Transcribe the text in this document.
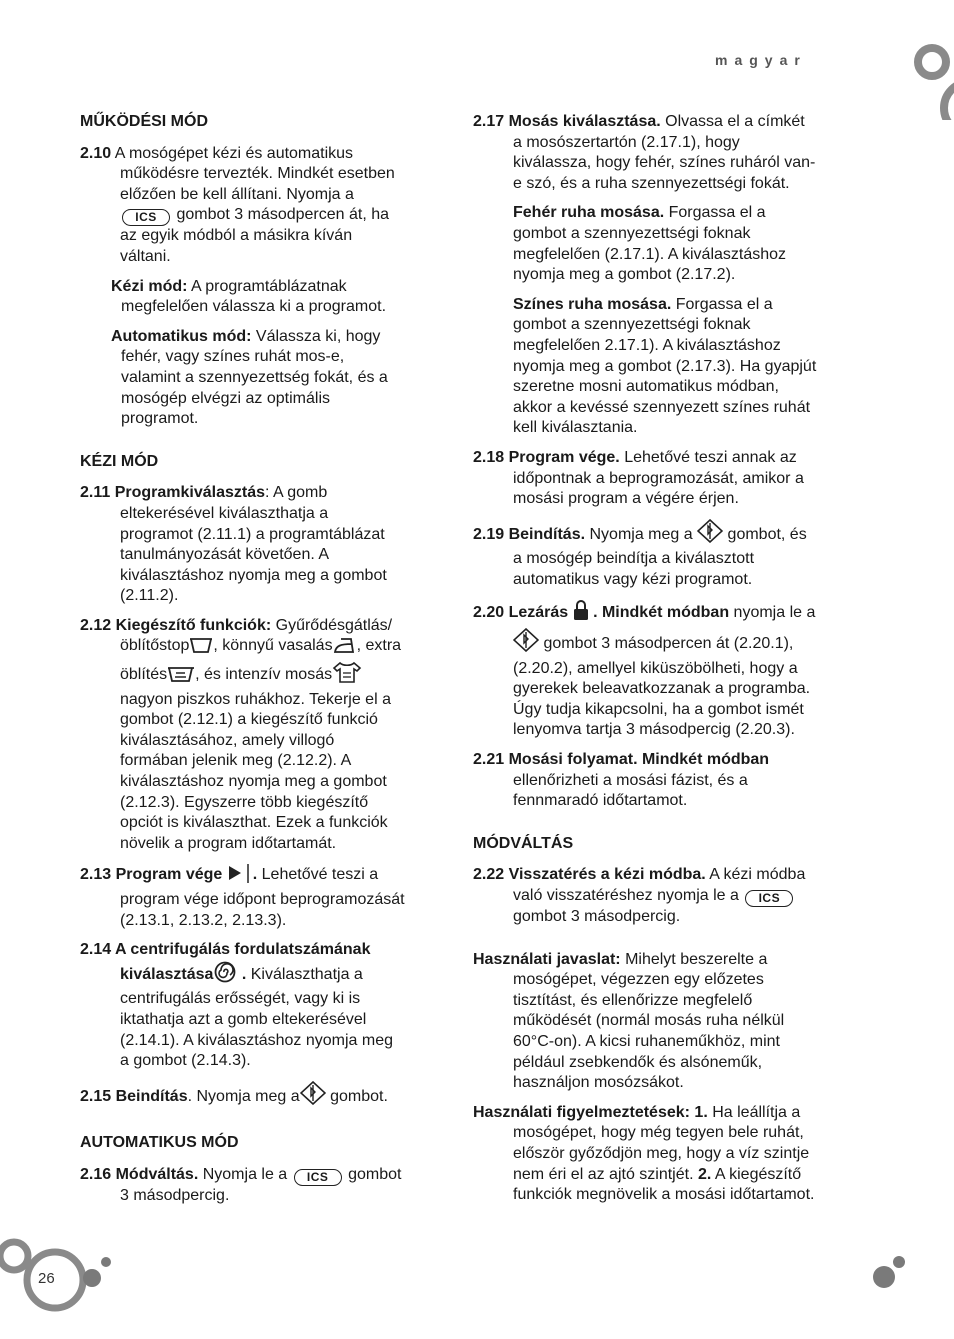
magyar
26
MŰKÖDÉSI MÓD
2.10 A mosógépet kézi és automatikus működésre tervezték. Mindkét esetben előzően be kell állítani. Nyomja a ICS gombot 3 másodpercen át, ha az egyik módból a másikra kíván váltani.
Kézi mód: A programtáblázatnak megfelelően válassza ki a programot.
Automatikus mód: Válassza ki, hogy fehér, vagy színes ruhát mos-e, valamint a szennyezettség fokát, és a mosógép elvégzi az optimális programot.
KÉZI MÓD
2.11 Programkiválasztás: A gomb eltekerésével kiválaszthatja a programot (2.11.1) a programtáblázat tanulmányozását követően. A kiválasztáshoz nyomja meg a gombot (2.11.2).
2.12 Kiegészítő funkciók: Gyűrődésgátlás/ öblítőstop , könnyű vasalás , extra öblítés , és intenzív mosás nagyon piszkos ruhákhoz. Tekerje el a gombot (2.12.1) a kiegészítő funkció kiválasztásához, amely villogó formában jelenik meg (2.12.2). A kiválasztáshoz nyomja meg a gombot (2.12.3). Egyszerre több kiegészítő opciót is kiválaszthat. Ezek a funkciók növelik a program időtartamát.
2.13 Program vége . Lehetővé teszi a program vége időpont beprogramozását (2.13.1, 2.13.2, 2.13.3).
2.14 A centrifugálás fordulatszámának kiválasztása . Kiválaszthatja a centrifugálás erősségét, vagy ki is iktathatja azt a gomb eltekerésével (2.14.1). A kiválasztáshoz nyomja meg a gombot (2.14.3).
2.15 Beindítás. Nyomja meg a gombot.
AUTOMATIKUS MÓD
2.16 Módváltás. Nyomja le a ICS gombot 3 másodpercig.
2.17 Mosás kiválasztása. Olvassa el a címkét a mosószertartón (2.17.1), hogy kiválassza, hogy fehér, színes ruháról van-e szó, és a ruha szennyezettségi fokát.
Fehér ruha mosása. Forgassa el a gombot a szennyezettségi foknak megfelelően (2.17.1). A kiválasztáshoz nyomja meg a gombot (2.17.2).
Színes ruha mosása. Forgassa el a gombot a szennyezettségi foknak megfelelően 2.17.1). A kiválasztáshoz nyomja meg a gombot (2.17.3). Ha gyapjút szeretne mosni automatikus módban, akkor a kevéssé szennyezett színes ruhát kell kiválasztania.
2.18 Program vége. Lehetővé teszi annak az időpontnak a beprogramozását, amikor a mosási program a végére érjen.
2.19 Beindítás. Nyomja meg a  gombot, és a mosógép beindítja a kiválasztott automatikus vagy kézi programot.
2.20 Lezárás  . Mindkét módban nyomja le a  gombot 3 másodpercen át (2.20.1), (2.20.2), amellyel kiküszöbölheti, hogy a gyerekek beleavatkozzanak a programba. Úgy tudja kikapcsolni, ha a gombot ismét lenyomva tartja 3 másodpercig (2.20.3).
2.21 Mosási folyamat. Mindkét módban ellenőrizheti a mosási fázist, és a fennmaradó időtartamot.
MÓDVÁLTÁS
2.22 Visszatérés a kézi módba. A kézi módba való visszatéréshez nyomja le a ICS gombot 3 másodpercig.
Használati javaslat: Mihelyt beszerelte a mosógépet, végezzen egy előzetes tisztítást, és ellenőrizze megfelelő működését (normál mosás ruha nélkül 60°C-on). A kicsi ruhaneműkhöz, mint például zsebkendők és alsóneműk, használjon mosózsákot.
Használati figyelmeztetések: 1. Ha leállítja a mosógépet, hogy még tegyen bele ruhát, először győződjön meg, hogy a víz szintje nem éri el az ajtó szintjét. 2. A kiegészítő funkciók megnövelik a mosási időtartamot.
